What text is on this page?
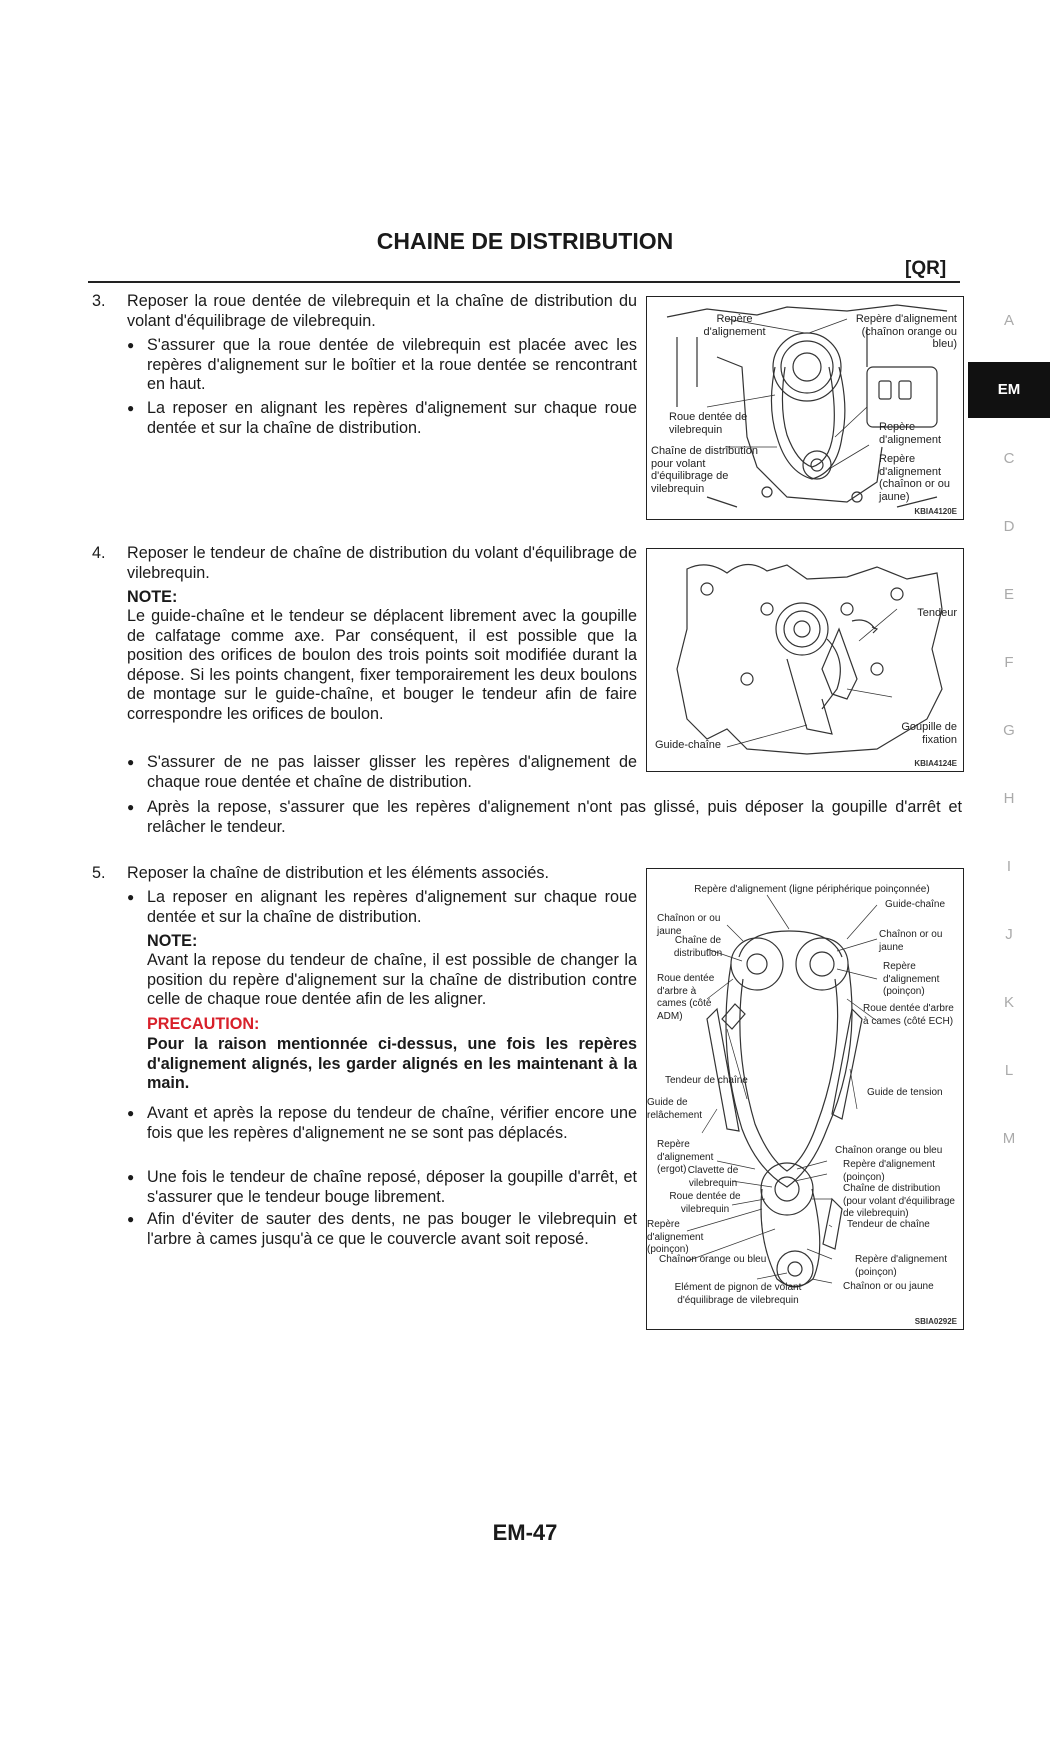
CHAINE DE DISTRIBUTION
[QR]
3. Reposer la roue dentée de vilebrequin et la chaîne de distribution du volant d'équilibrage de vilebrequin.
● S'assurer que la roue dentée de vilebrequin est placée avec les repères d'alignement sur le boîtier et la roue dentée se rencontrant en haut.
● La reposer en alignant les repères d'alignement sur chaque roue dentée et sur la chaîne de distribution.
Repère d'alignement
Repère d'alignement (chaînon orange ou bleu)
Roue dentée de vilebrequin
Chaîne de distribution pour volant d'équilibrage de vilebrequin
Repère d'alignement
Repère d'alignement (chaînon or ou jaune)
KBIA4120E
4. Reposer le tendeur de chaîne de distribution du volant d'équilibrage de vilebrequin.
NOTE:
Le guide-chaîne et le tendeur se déplacent librement avec la goupille de calfatage comme axe. Par conséquent, il est possible que la position des orifices de boulon des trois points soit modifiée durant la dépose. Si les points changent, fixer temporairement les deux boulons de montage sur le guide-chaîne, et bouger le tendeur afin de faire correspondre les orifices de boulon.
● S'assurer de ne pas laisser glisser les repères d'alignement de chaque roue dentée et chaîne de distribution.
● Après la repose, s'assurer que les repères d'alignement n'ont pas glissé, puis déposer la goupille d'arrêt et relâcher le tendeur.
Tendeur
Goupille de fixation
Guide-chaîne
KBIA4124E
5. Reposer la chaîne de distribution et les éléments associés.
● La reposer en alignant les repères d'alignement sur chaque roue dentée et sur la chaîne de distribution.
NOTE:
Avant la repose du tendeur de chaîne, il est possible de changer la position du repère d'alignement sur la chaîne de distribution contre celle de chaque roue dentée afin de les aligner.
PRECAUTION:
Pour la raison mentionnée ci-dessus, une fois les repères d'alignement alignés, les garder alignés en les maintenant à la main.
● Avant et après la repose du tendeur de chaîne, vérifier encore une fois que les repères d'alignement ne se sont pas déplacés.
● Une fois le tendeur de chaîne reposé, déposer la goupille d'arrêt, et s'assurer que le tendeur bouge librement.
● Afin d'éviter de sauter des dents, ne pas bouger le vilebrequin et l'arbre à cames jusqu'à ce que le couvercle avant soit reposé.
Repère d'alignement (ligne périphérique poinçonnée)
Guide-chaîne
Chaînon or ou jaune	Chaînon or ou jaune
Chaîne de distribution
Repère d'alignement (poinçon)
Roue dentée d'arbre à cames (côté ADM)
Roue dentée d'arbre à cames (côté ECH)
Tendeur de chaîne
Guide de tension
Guide de relâchement
Repère d'alignement (ergot)
Chaînon orange ou bleu
Clavette de vilebrequin
Repère d'alignement (poinçon)
Roue dentée de vilebrequin
Chaîne de distribution (pour volant d'équilibrage de vilebrequin)
Repère d'alignement (poinçon)
Tendeur de chaîne
Chaînon orange ou bleu	Repère d'alignement (poinçon)
Elément de pignon de volant d'équilibrage de vilebrequin
Chaînon or ou jaune
SBIA0292E
A
EM
C
D
E
F
G
H
I
J
K
L
M
EM-47
